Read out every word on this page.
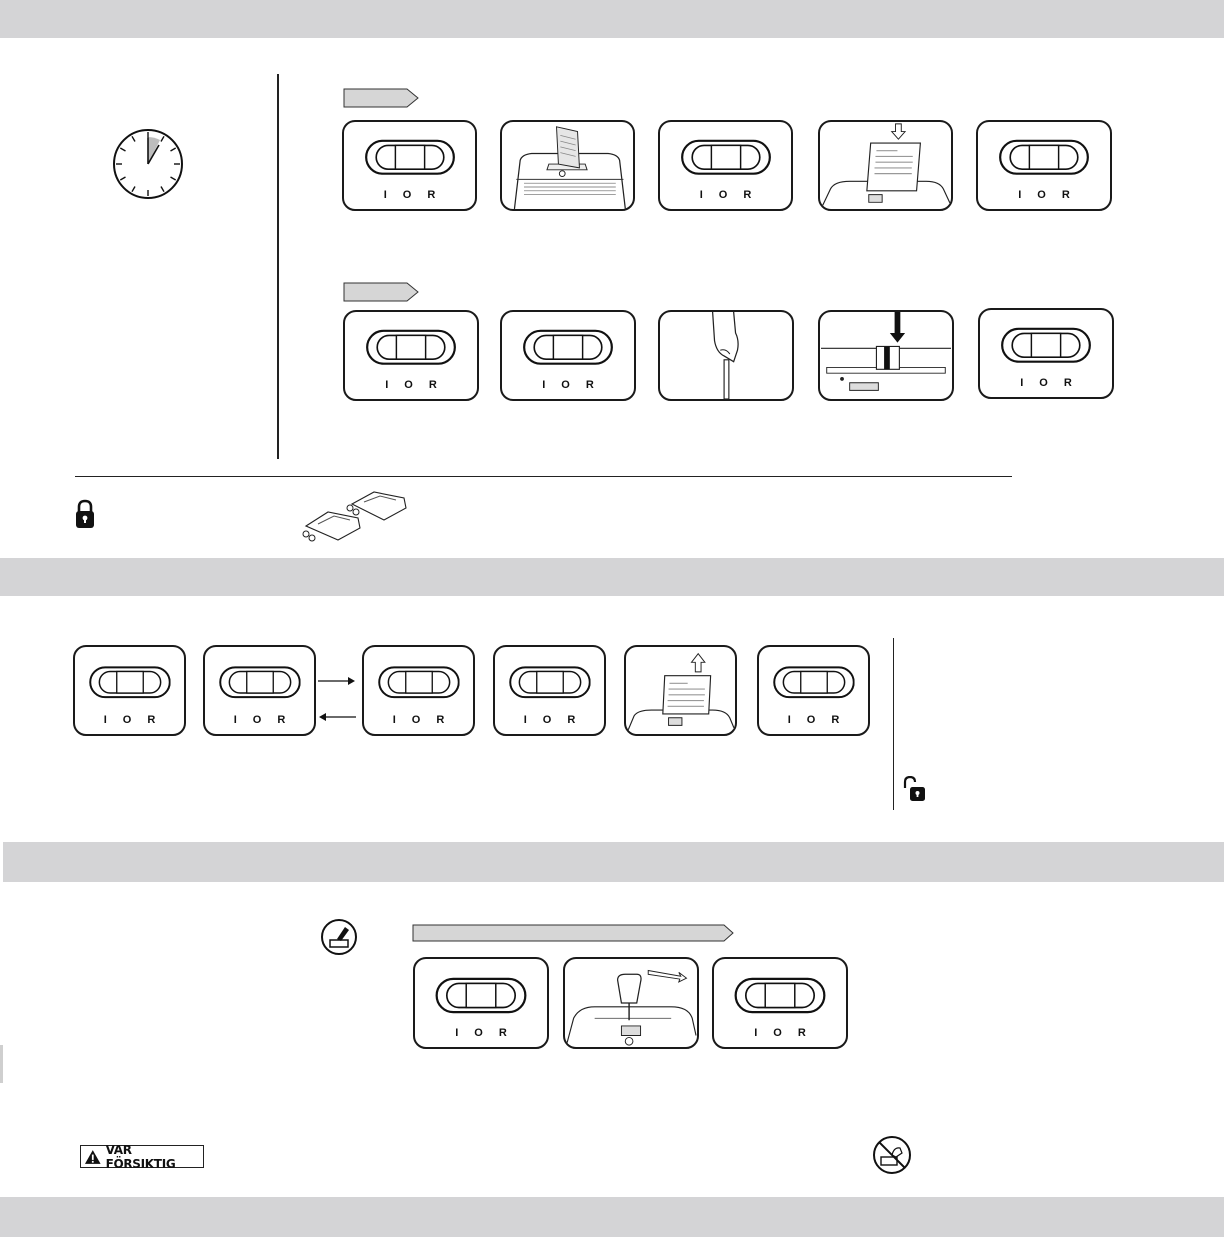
I O R	I O R	I O R
I O R	I O R	I O R
I O R	I O R	I O R	I O R	I O R
I O R	I O R
VAR FÖRSIKTIG
